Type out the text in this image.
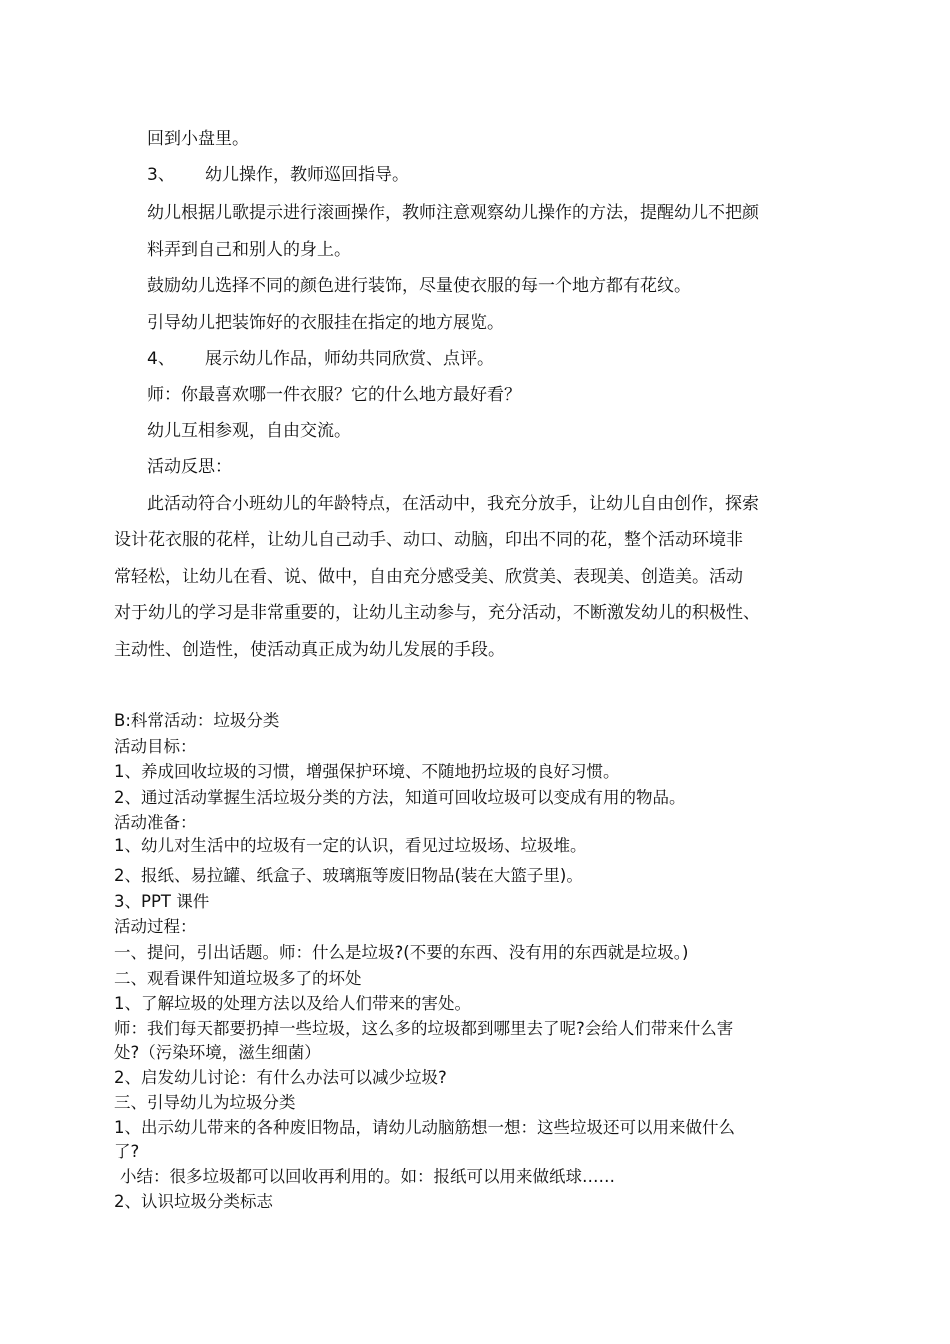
回到小盘里。
3、 幼儿操作，教师巡回指导。
幼儿根据儿歌提示进行滚画操作，教师注意观察幼儿操作的方法，提醒幼儿不把颜
料弄到自己和别人的身上。
鼓励幼儿选择不同的颜色进行装饰，尽量使衣服的每一个地方都有花纹。
引导幼儿把装饰好的衣服挂在指定的地方展览。
4、 展示幼儿作品，师幼共同欣赏、点评。
师：你最喜欢哪一件衣服？它的什么地方最好看？
幼儿互相参观，自由交流。
活动反思：
此活动符合小班幼儿的年龄特点，在活动中，我充分放手，让幼儿自由创作，探索
设计花衣服的花样，让幼儿自己动手、动口、动脑，印出不同的花，整个活动环境非
常轻松，让幼儿在看、说、做中，自由充分感受美、欣赏美、表现美、创造美。活动
对于幼儿的学习是非常重要的，让幼儿主动参与，充分活动，不断激发幼儿的积极性、
主动性、创造性，使活动真正成为幼儿发展的手段。
B:科常活动：垃圾分类
活动目标：
1、养成回收垃圾的习惯，增强保护环境、不随地扔垃圾的良好习惯。
2、通过活动掌握生活垃圾分类的方法，知道可回收垃圾可以变成有用的物品。
活动准备：
1、幼儿对生活中的垃圾有一定的认识，看见过垃圾场、垃圾堆。
2、报纸、易拉罐、纸盒子、玻璃瓶等废旧物品(装在大篮子里)。
3、PPT 课件
活动过程：
一、提问，引出话题。师：什么是垃圾?(不要的东西、没有用的东西就是垃圾。)
二、观看课件知道垃圾多了的坏处
1、了解垃圾的处理方法以及给人们带来的害处。
师：我们每天都要扔掉一些垃圾，这么多的垃圾都到哪里去了呢?会给人们带来什么害
处?（污染环境，滋生细菌）
2、启发幼儿讨论：有什么办法可以减少垃圾?
三、引导幼儿为垃圾分类
1、出示幼儿带来的各种废旧物品，请幼儿动脑筋想一想：这些垃圾还可以用来做什么
了?
小结：很多垃圾都可以回收再利用的。如：报纸可以用来做纸球……
2、认识垃圾分类标志
